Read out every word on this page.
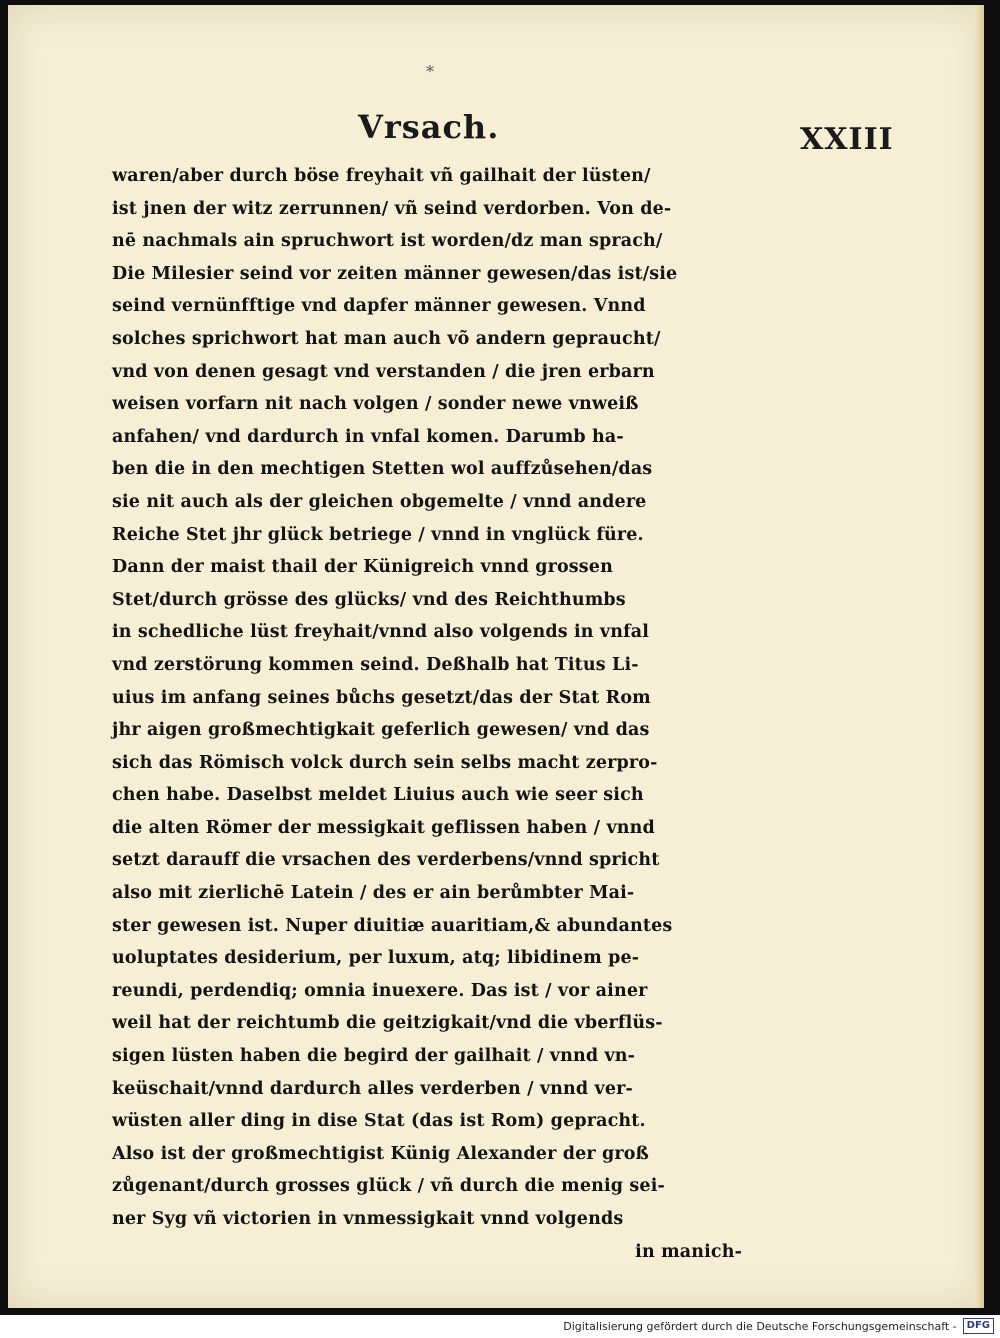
*
Vrsach.	XXIII
waren/aber durch böse freyhait vñ gailhait der lüsten/
ist jnen der witz zerrunnen/ vñ seind verdorben. Von de-
nē nachmals ain spruchwort ist worden/dz man sprach/
Die Milesier seind vor zeiten männer gewesen/das ist/sie
seind vernünfftige vnd dapfer männer gewesen. Vnnd
solches sprichwort hat man auch võ andern gepraucht/
vnd von denen gesagt vnd verstanden / die jren erbarn
weisen vorfarn nit nach volgen / sonder newe vnweiß
anfahen/ vnd dardurch in vnfal komen. Darumb ha-
ben die in den mechtigen Stetten wol auffzůsehen/das
sie nit auch als der gleichen obgemelte / vnnd andere
Reiche Stet jhr glück betriege / vnnd in vnglück füre.
Dann der maist thail der Künigreich vnnd grossen
Stet/durch grösse des glücks/ vnd des Reichthumbs
in schedliche lüst freyhait/vnnd also volgends in vnfal
vnd zerstörung kommen seind. Deßhalb hat Titus Li-
uius im anfang seines bůchs gesetzt/das der Stat Rom
jhr aigen großmechtigkait geferlich gewesen/ vnd das
sich das Römisch volck durch sein selbs macht zerpro-
chen habe. Daselbst meldet Liuius auch wie seer sich
die alten Römer der messigkait geflissen haben / vnnd
setzt darauff die vrsachen des verderbens/vnnd spricht
also mit zierlichē Latein / des er ain berůmbter Mai-
ster gewesen ist. Nuper diuitiæ auaritiam,& abundantes
uoluptates desiderium, per luxum, atq; libidinem pe-
reundi, perdendiq; omnia inuexere. Das ist / vor ainer
weil hat der reichtumb die geitzigkait/vnd die vberflüs-
sigen lüsten haben die begird der gailhait / vnnd vn-
keüschait/vnnd dardurch alles verderben / vnnd ver-
wüsten aller ding in dise Stat (das ist Rom) gepracht.
Also ist der großmechtigist Künig Alexander der groß
zůgenant/durch grosses glück / vñ durch die menig sei-
ner Syg vñ victorien in vnmessigkait vnnd volgends
in manich-
Digitalisierung gefördert durch die Deutsche Forschungsgemeinschaft -	DFG
